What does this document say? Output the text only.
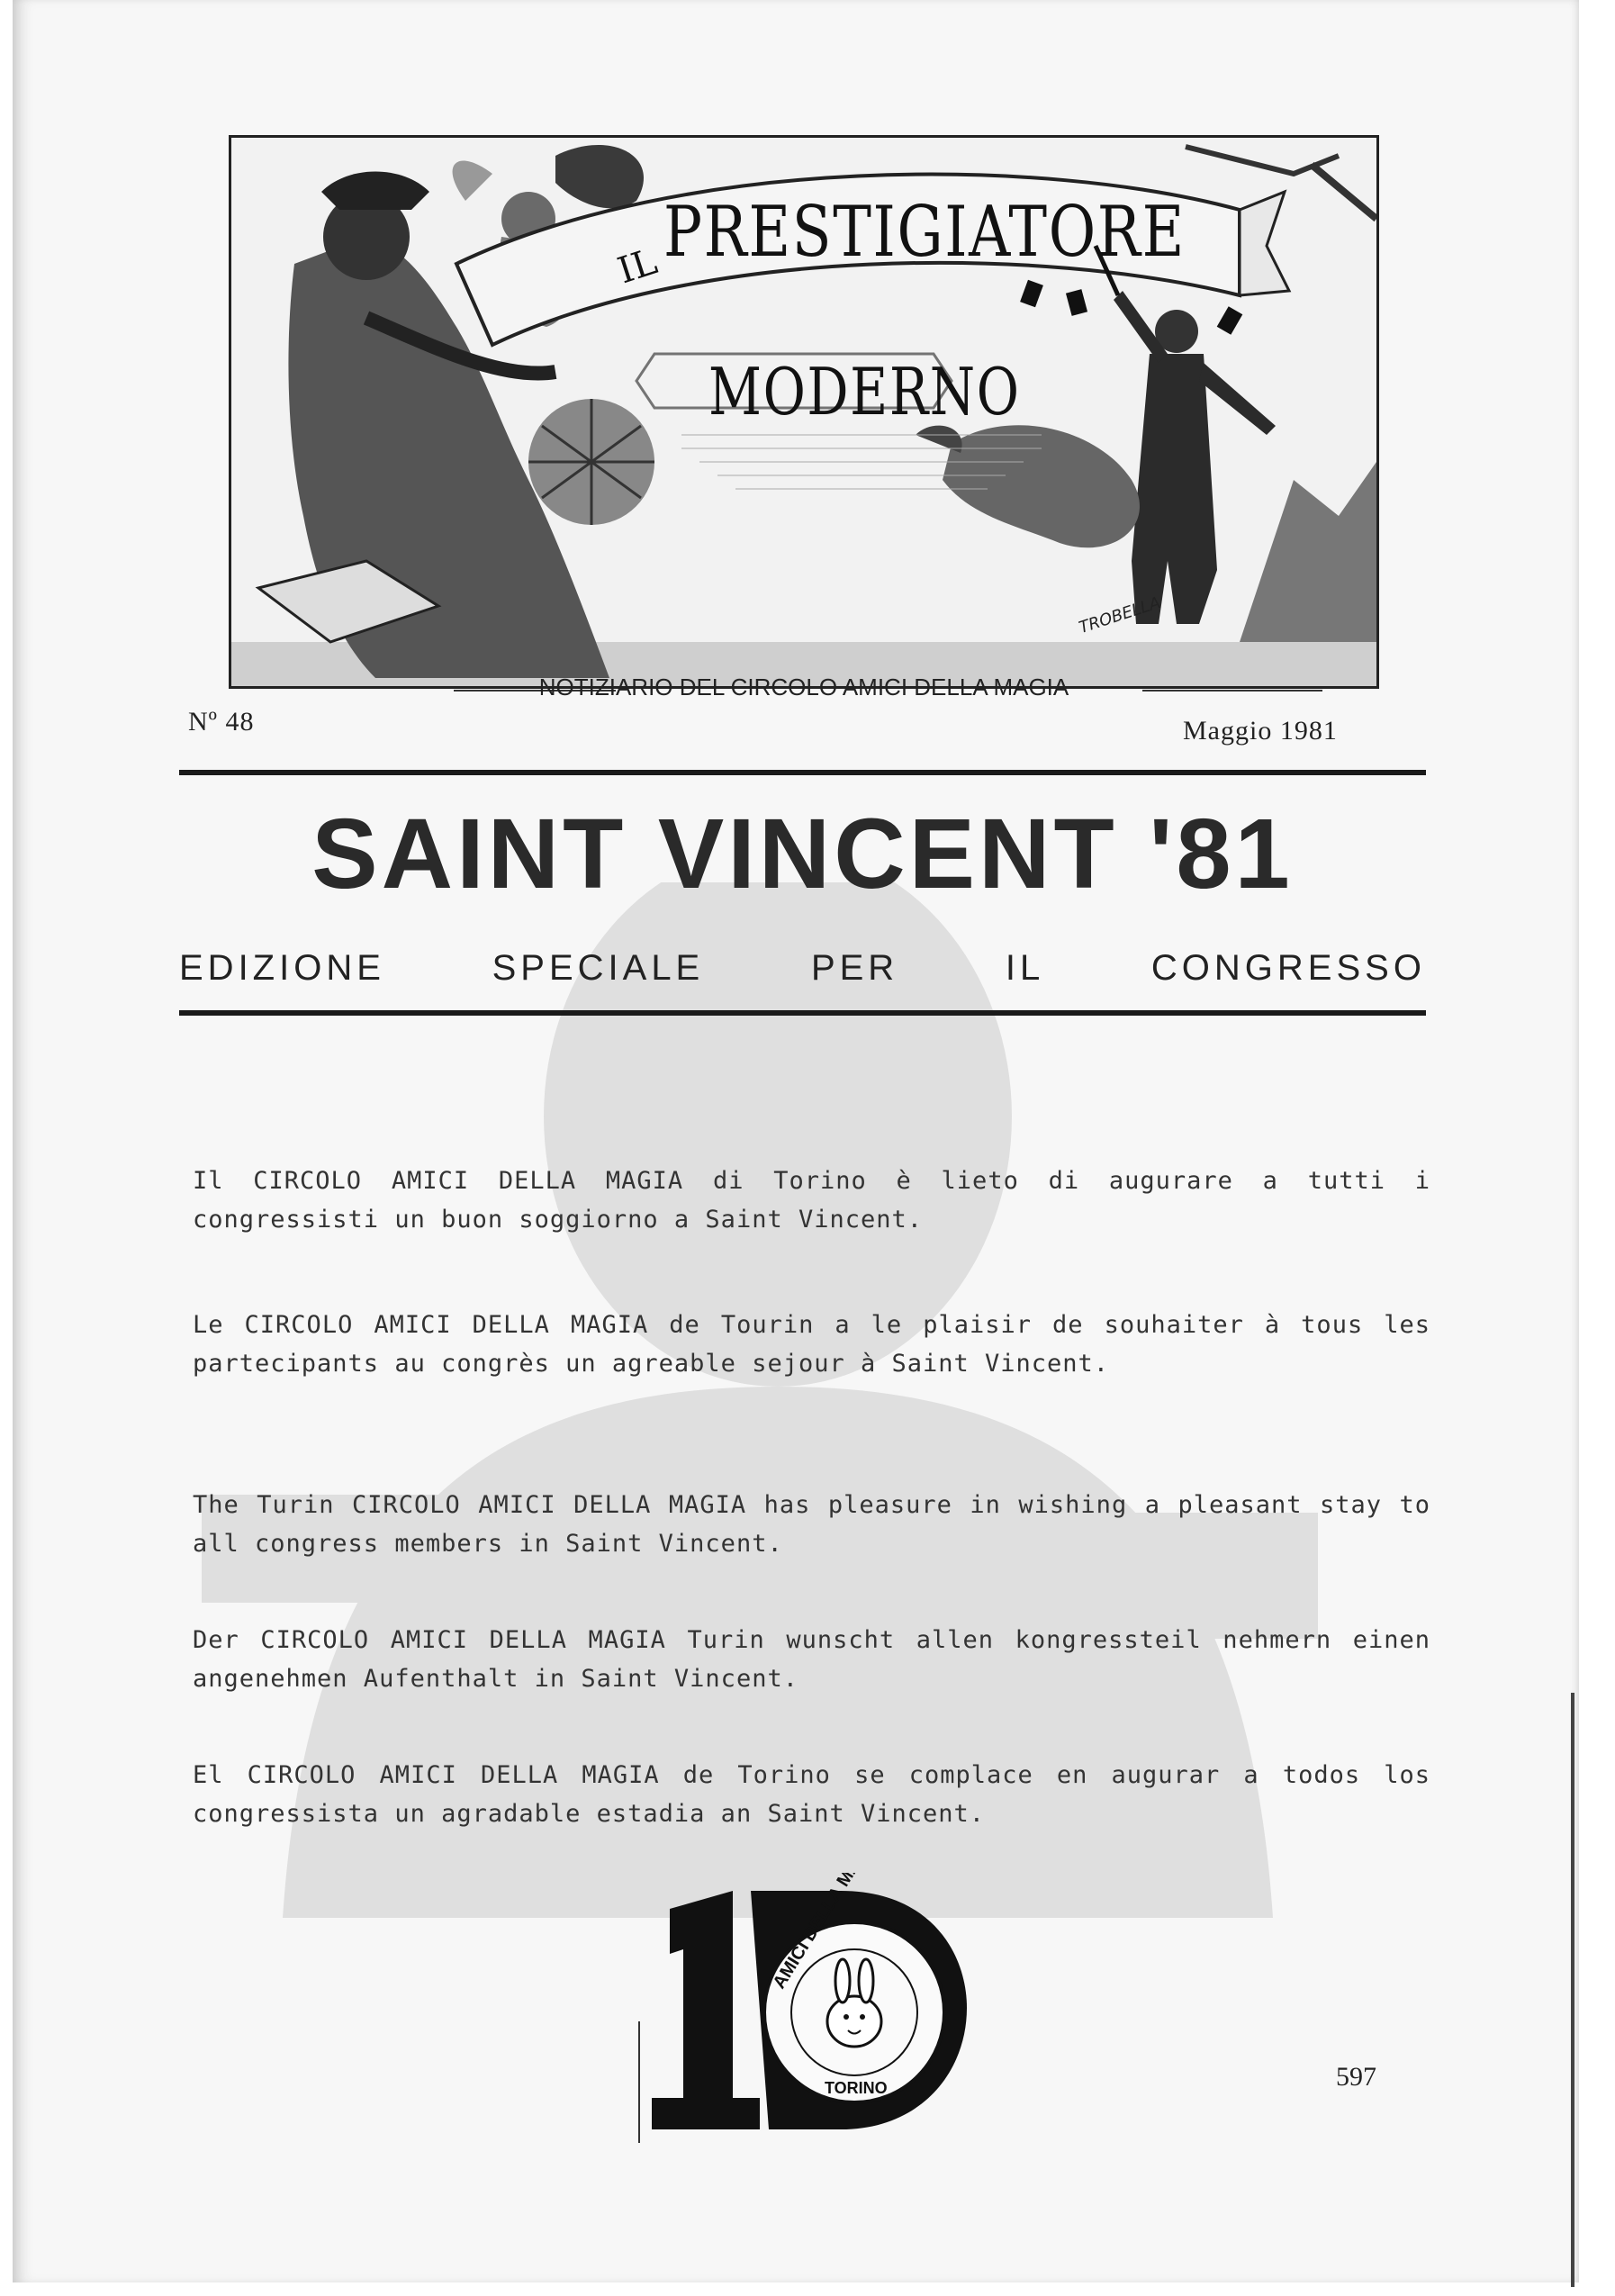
IL PRESTIGIATORE
MODERNO
TROBELLA
NOTIZIARIO DEL CIRCOLO AMICI DELLA MAGIA
Nº 48	Maggio 1981
SAINT VINCENT '81
EDIZIONE	SPECIALE	PER	IL	CONGRESSO

Il CIRCOLO AMICI DELLA MAGIA di Torino è lieto di augurare a tutti i congressisti un buon soggiorno a Saint Vincent.

Le CIRCOLO AMICI DELLA MAGIA de Tourin a le plaisir de souhaiter à tous les partecipants au congrès un agreable sejour à Saint Vincent.

The Turin CIRCOLO AMICI DELLA MAGIA has pleasure in wishing a pleasant stay to all congress members in Saint Vincent.

Der CIRCOLO AMICI DELLA MAGIA Turin wunscht allen kongressteil nehmern einen angenehmen Aufenthalt in Saint Vincent.

El CIRCOLO AMICI DELLA MAGIA de Torino se complace en augurar a todos los congressista un agradable estadia an Saint Vincent.

TORINO	597
